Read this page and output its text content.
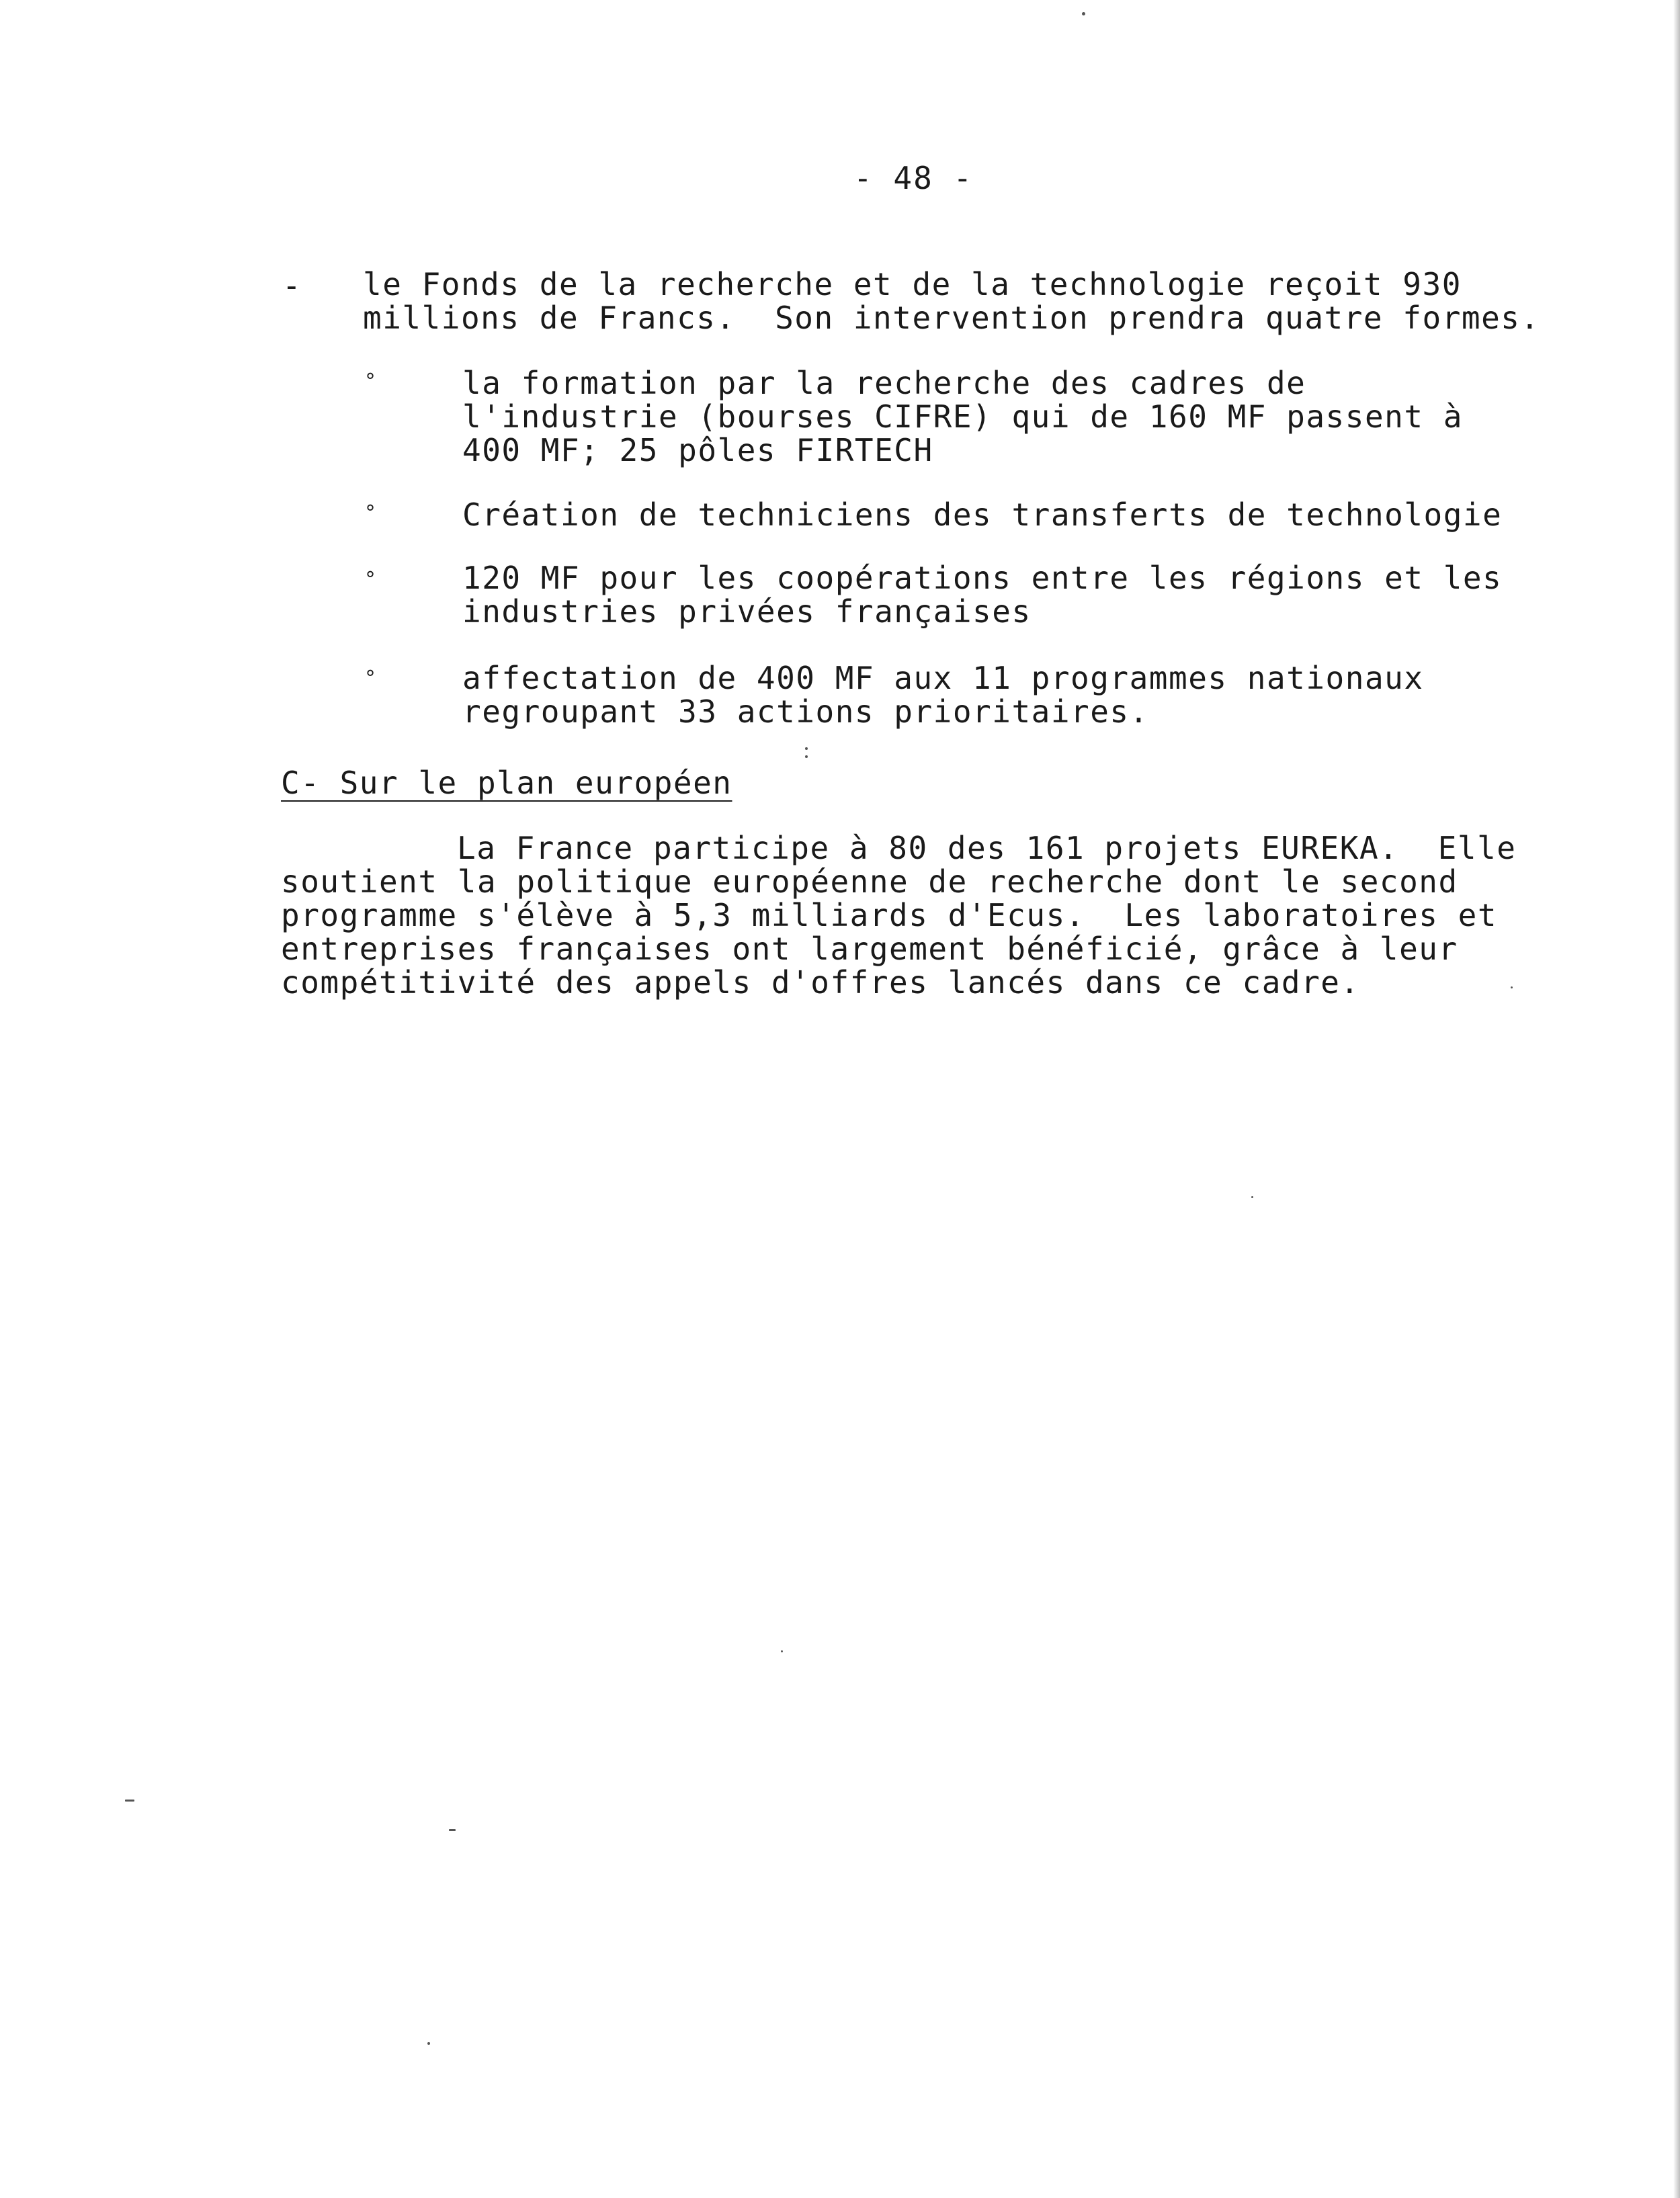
- 48 -
- le Fonds de la recherche et de la technologie reçoit 930
millions de Francs.  Son intervention prendra quatre formes.
°	la formation par la recherche des cadres de
l'industrie (bourses CIFRE) qui de 160 MF passent à
400 MF; 25 pôles FIRTECH
°	Création de techniciens des transferts de technologie
°	120 MF pour les coopérations entre les régions et les
industries privées françaises
°	affectation de 400 MF aux 11 programmes nationaux
regroupant 33 actions prioritaires.
C- Sur le plan européen
La France participe à 80 des 161 projets EUREKA.  Elle
soutient la politique européenne de recherche dont le second
programme s'élève à 5,3 milliards d'Ecus.  Les laboratoires et
entreprises françaises ont largement bénéficié, grâce à leur
compétitivité des appels d'offres lancés dans ce cadre.
